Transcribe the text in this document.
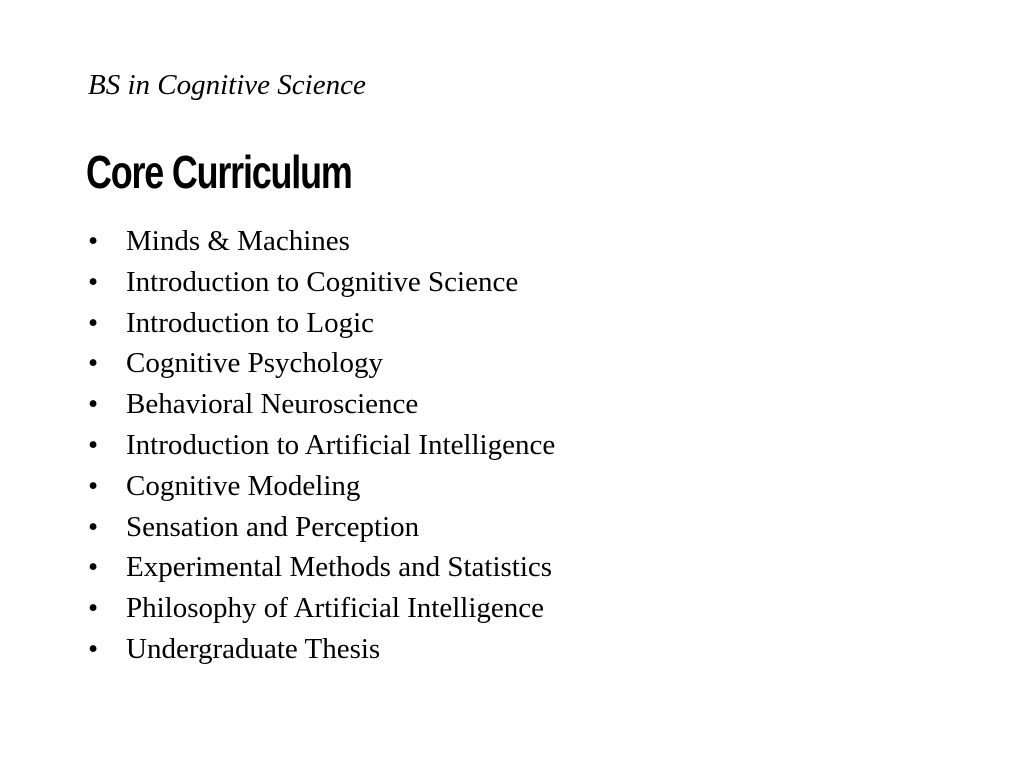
BS in Cognitive Science

Core Curriculum
• Minds & Machines
• Introduction to Cognitive Science
• Introduction to Logic
• Cognitive Psychology
• Behavioral Neuroscience
• Introduction to Artificial Intelligence
• Cognitive Modeling
• Sensation and Perception
• Experimental Methods and Statistics
• Philosophy of Artificial Intelligence
• Undergraduate Thesis
